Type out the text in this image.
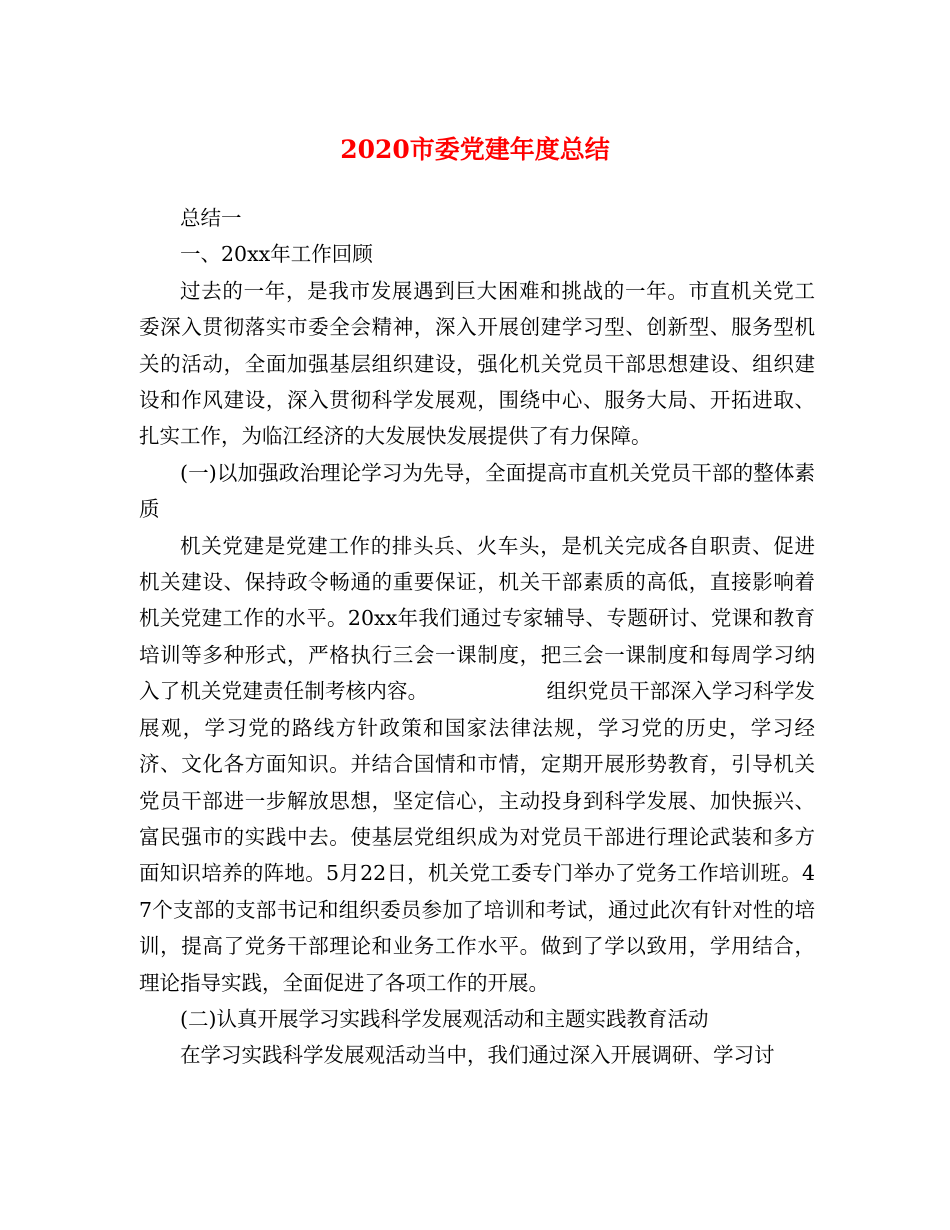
2020市委党建年度总结

总结一

一、20xx年工作回顾

过去的一年，是我市发展遇到巨大困难和挑战的一年。市直机关党工委深入贯彻落实市委全会精神，深入开展创建学习型、创新型、服务型机关的活动，全面加强基层组织建设，强化机关党员干部思想建设、组织建设和作风建设，深入贯彻科学发展观，围绕中心、服务大局、开拓进取、扎实工作，为临江经济的大发展快发展提供了有力保障。

(一)以加强政治理论学习为先导，全面提高市直机关党员干部的整体素质

机关党建是党建工作的排头兵、火车头，是机关完成各自职责、促进机关建设、保持政令畅通的重要保证，机关干部素质的高低，直接影响着机关党建工作的水平。20xx年我们通过专家辅导、专题研讨、党课和教育培训等多种形式，严格执行三会一课制度，把三会一课制度和每周学习纳入了机关党建责任制考核内容。	组织党员干部深入学习科学发展观，学习党的路线方针政策和国家法律法规，学习党的历史，学习经济、文化各方面知识。并结合国情和市情，定期开展形势教育，引导机关党员干部进一步解放思想，坚定信心，主动投身到科学发展、加快振兴、富民强市的实践中去。使基层党组织成为对党员干部进行理论武装和多方面知识培养的阵地。5月22日，机关党工委专门举办了党务工作培训班。47个支部的支部书记和组织委员参加了培训和考试，通过此次有针对性的培训，提高了党务干部理论和业务工作水平。做到了学以致用，学用结合，理论指导实践，全面促进了各项工作的开展。

(二)认真开展学习实践科学发展观活动和主题实践教育活动

在学习实践科学发展观活动当中，我们通过深入开展调研、学习讨
